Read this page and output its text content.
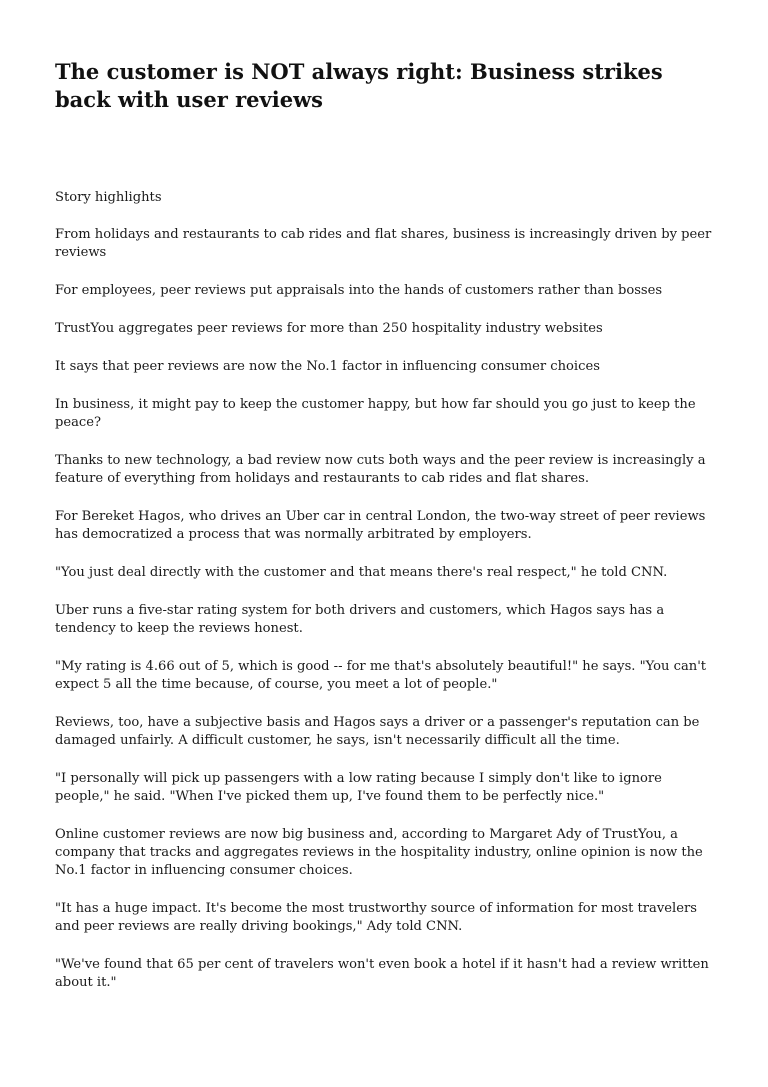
The customer is NOT always right: Business strikes back with user reviews

Story highlights

From holidays and restaurants to cab rides and flat shares, business is increasingly driven by peer reviews

For employees, peer reviews put appraisals into the hands of customers rather than bosses

TrustYou aggregates peer reviews for more than 250 hospitality industry websites

It says that peer reviews are now the No.1 factor in influencing consumer choices

In business, it might pay to keep the customer happy, but how far should you go just to keep the peace?

Thanks to new technology, a bad review now cuts both ways and the peer review is increasingly a feature of everything from holidays and restaurants to cab rides and flat shares.

For Bereket Hagos, who drives an Uber car in central London, the two-way street of peer reviews has democratized a process that was normally arbitrated by employers.

"You just deal directly with the customer and that means there's real respect," he told CNN.

Uber runs a five-star rating system for both drivers and customers, which Hagos says has a tendency to keep the reviews honest.

"My rating is 4.66 out of 5, which is good -- for me that's absolutely beautiful!" he says. "You can't expect 5 all the time because, of course, you meet a lot of people."

Reviews, too, have a subjective basis and Hagos says a driver or a passenger's reputation can be damaged unfairly. A difficult customer, he says, isn't necessarily difficult all the time.

"I personally will pick up passengers with a low rating because I simply don't like to ignore people," he said. "When I've picked them up, I've found them to be perfectly nice."

Online customer reviews are now big business and, according to Margaret Ady of TrustYou, a company that tracks and aggregates reviews in the hospitality industry, online opinion is now the No.1 factor in influencing consumer choices.

"It has a huge impact. It's become the most trustworthy source of information for most travelers and peer reviews are really driving bookings," Ady told CNN.

"We've found that 65 per cent of travelers won't even book a hotel if it hasn't had a review written about it."
